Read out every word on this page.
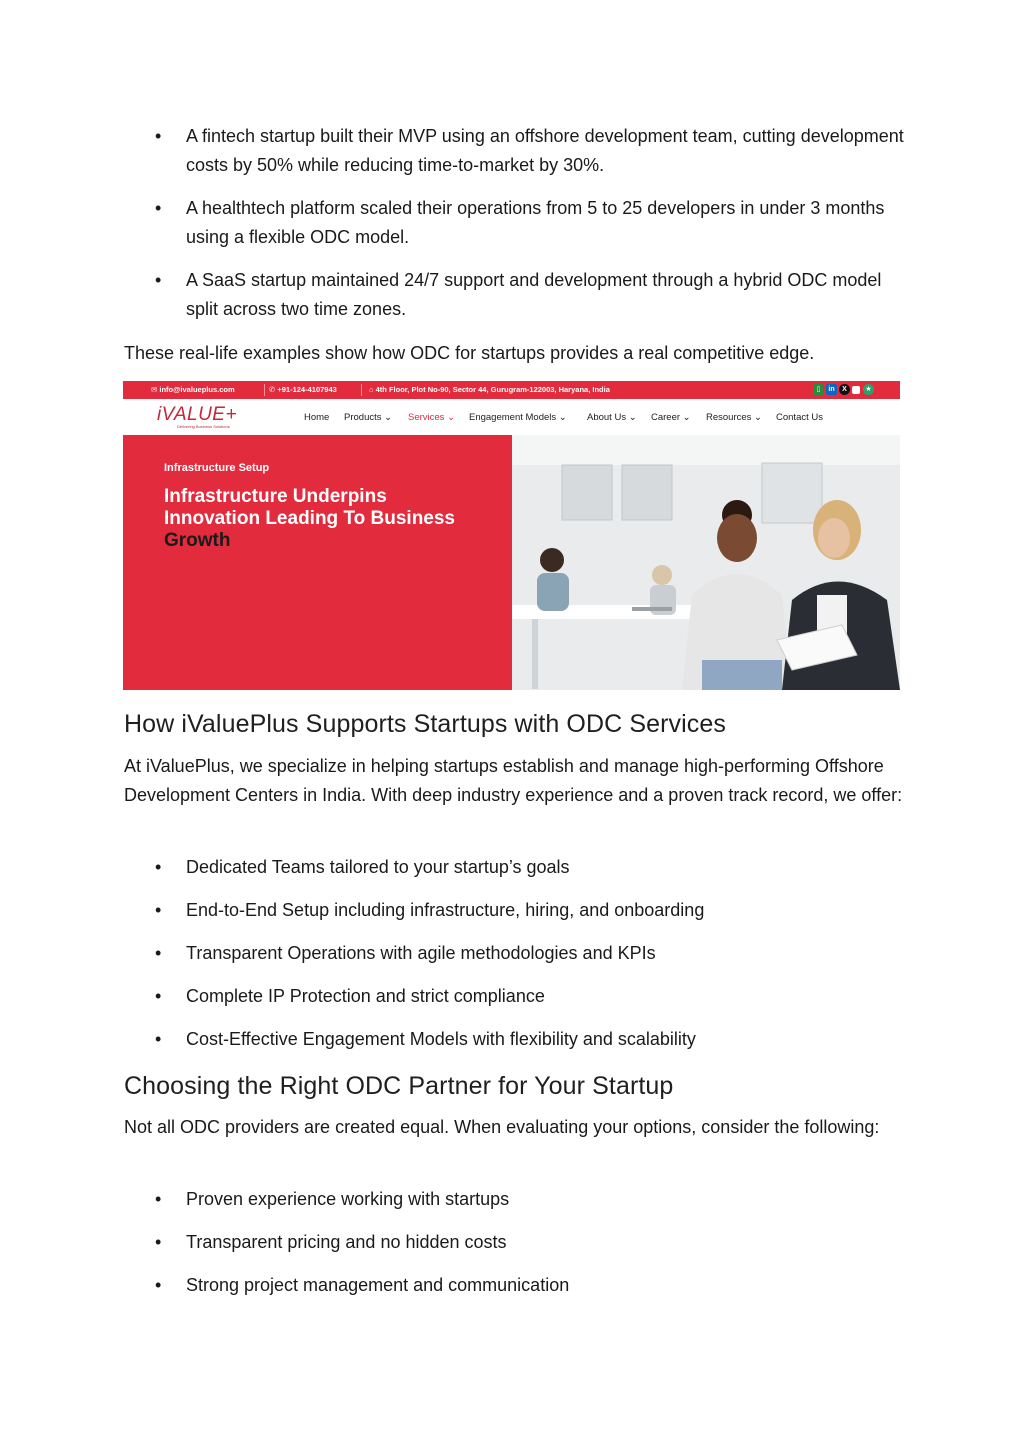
• A fintech startup built their MVP using an offshore development team, cutting development costs by 50% while reducing time-to-market by 30%.
• A healthtech platform scaled their operations from 5 to 25 developers in under 3 months using a flexible ODC model.
• A SaaS startup maintained 24/7 support and development through a hybrid ODC model split across two time zones.

These real-life examples show how ODC for startups provides a real competitive edge.

✉ info@ivalueplus.com	✆ +91-124-4107943	⌂ 4th Floor, Plot No-90, Sector 44, Gurugram-122003, Haryana, India	▯	in	X	★
iVALUE+
Delivering Business Solutions
Home Products ⌄ Services ⌄ Engagement Models ⌄ About Us ⌄ Career ⌄ Resources ⌄ Contact Us
Infrastructure Setup
Infrastructure Underpins Innovation Leading To Business Growth
How iValuePlus Supports Startups with ODC Services

At iValuePlus, we specialize in helping startups establish and manage high-performing Offshore Development Centers in India. With deep industry experience and a proven track record, we offer:

• Dedicated Teams tailored to your startup’s goals
• End-to-End Setup including infrastructure, hiring, and onboarding
• Transparent Operations with agile methodologies and KPIs
• Complete IP Protection and strict compliance
• Cost-Effective Engagement Models with flexibility and scalability
Choosing the Right ODC Partner for Your Startup

Not all ODC providers are created equal. When evaluating your options, consider the following:

• Proven experience working with startups
• Transparent pricing and no hidden costs
• Strong project management and communication
